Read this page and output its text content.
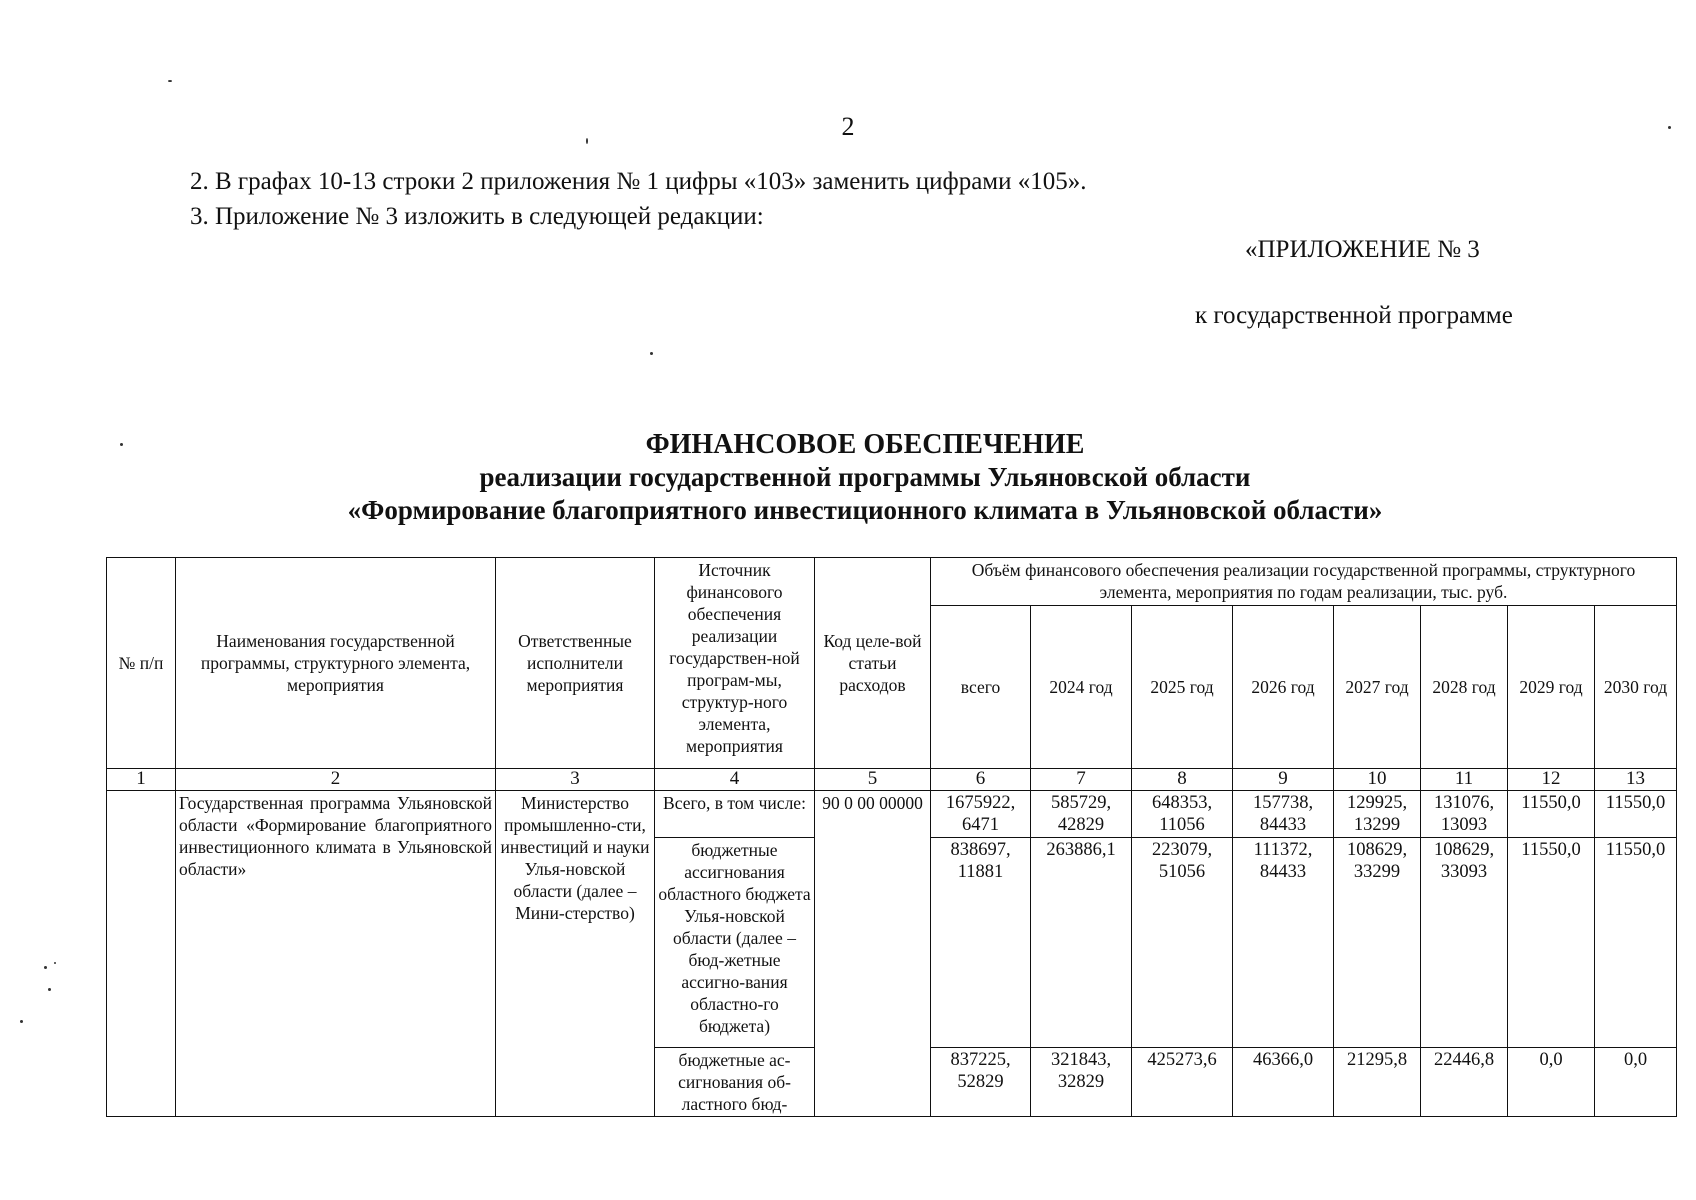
2
2. В графах 10-13 строки 2 приложения № 1 цифры «103» заменить цифрами «105».
3. Приложение № 3 изложить в следующей редакции:
«ПРИЛОЖЕНИЕ № 3
к государственной программе
ФИНАНСОВОЕ ОБЕСПЕЧЕНИЕ
реализации государственной программы Ульяновской области
«Формирование благоприятного инвестиционного климата в Ульяновской области»
№ п/п	Наименования государственной программы, структурного элемента, мероприятия	Ответственные исполнители мероприятия	Источник финансового обеспечения реализации государствен-ной програм-мы, структур-ного элемента, мероприятия	Код целе-вой статьи расходов	Объём финансового обеспечения реализации государственной программы, структурного элемента, мероприятия по годам реализации, тыс. руб.							
					всего	2024 год	2025 год	2026 год	2027 год	2028 год	2029 год	2030 год
1	2	3	4	5	6	7	8	9	10	11	12	13
	Государственная программа Ульяновской области «Формирование благоприятного инвестиционного климата в Ульяновской области»	Министерство промышленно-сти, инвестиций и науки Улья-новской области (далее – Мини-стерство)	Всего, в том числе:	90 0 00 00000	1675922, 6471	585729, 42829	648353, 11056	157738, 84433	129925, 13299	131076, 13093	11550,0	11550,0
			бюджетные ассигнования областного бюджета Улья-новской области (далее – бюд-жетные ассигно-вания областно-го бюджета)		838697, 11881	263886,1	223079, 51056	111372, 84433	108629, 33299	108629, 33093	11550,0	11550,0
			бюджетные ас-сигнования об-ластного бюд-		837225, 52829	321843, 32829	425273,6	46366,0	21295,8	22446,8	0,0	0,0
